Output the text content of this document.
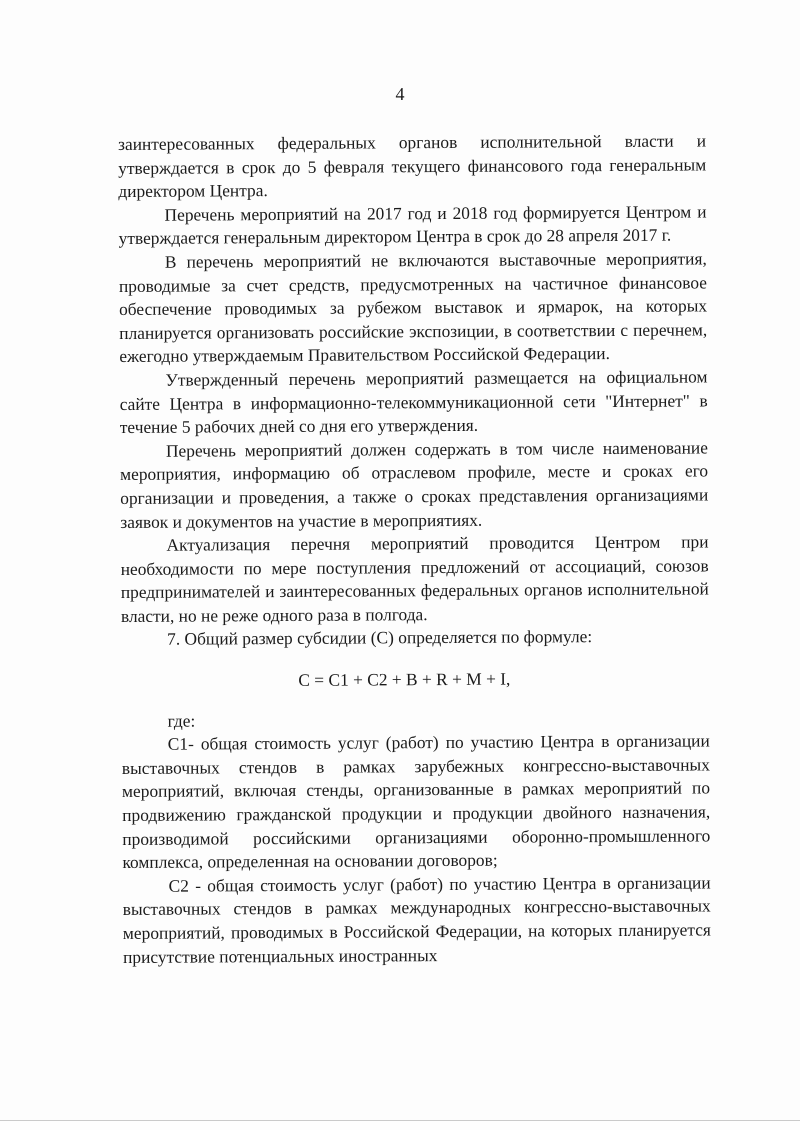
4

заинтересованных федеральных органов исполнительной власти и утверждается в срок до 5 февраля текущего финансового года генеральным директором Центра.

Перечень мероприятий на 2017 год и 2018 год формируется Центром и утверждается генеральным директором Центра в срок до 28 апреля 2017 г.

В перечень мероприятий не включаются выставочные мероприятия, проводимые за счет средств, предусмотренных на частичное финансовое обеспечение проводимых за рубежом выставок и ярмарок, на которых планируется организовать российские экспозиции, в соответствии с перечнем, ежегодно утверждаемым Правительством Российской Федерации.

Утвержденный перечень мероприятий размещается на официальном сайте Центра в информационно-телекоммуникационной сети "Интернет" в течение 5 рабочих дней со дня его утверждения.

Перечень мероприятий должен содержать в том числе наименование мероприятия, информацию об отраслевом профиле, месте и сроках его организации и проведения, а также о сроках представления организациями заявок и документов на участие в мероприятиях.

Актуализация перечня мероприятий проводится Центром при необходимости по мере поступления предложений от ассоциаций, союзов предпринимателей и заинтересованных федеральных органов исполнительной власти, но не реже одного раза в полгода.

7. Общий размер субсидии (С) определяется по формуле:

C = C1 + C2 + B + R + M + I,

где:

С1- общая стоимость услуг (работ) по участию Центра в организации выставочных стендов в рамках зарубежных конгрессно-выставочных мероприятий, включая стенды, организованные в рамках мероприятий по продвижению гражданской продукции и продукции двойного назначения, производимой российскими организациями оборонно-промышленного комплекса, определенная на основании договоров;

С2 - общая стоимость услуг (работ) по участию Центра в организации выставочных стендов в рамках международных конгрессно-выставочных мероприятий, проводимых в Российской Федерации, на которых планируется присутствие потенциальных иностранных
